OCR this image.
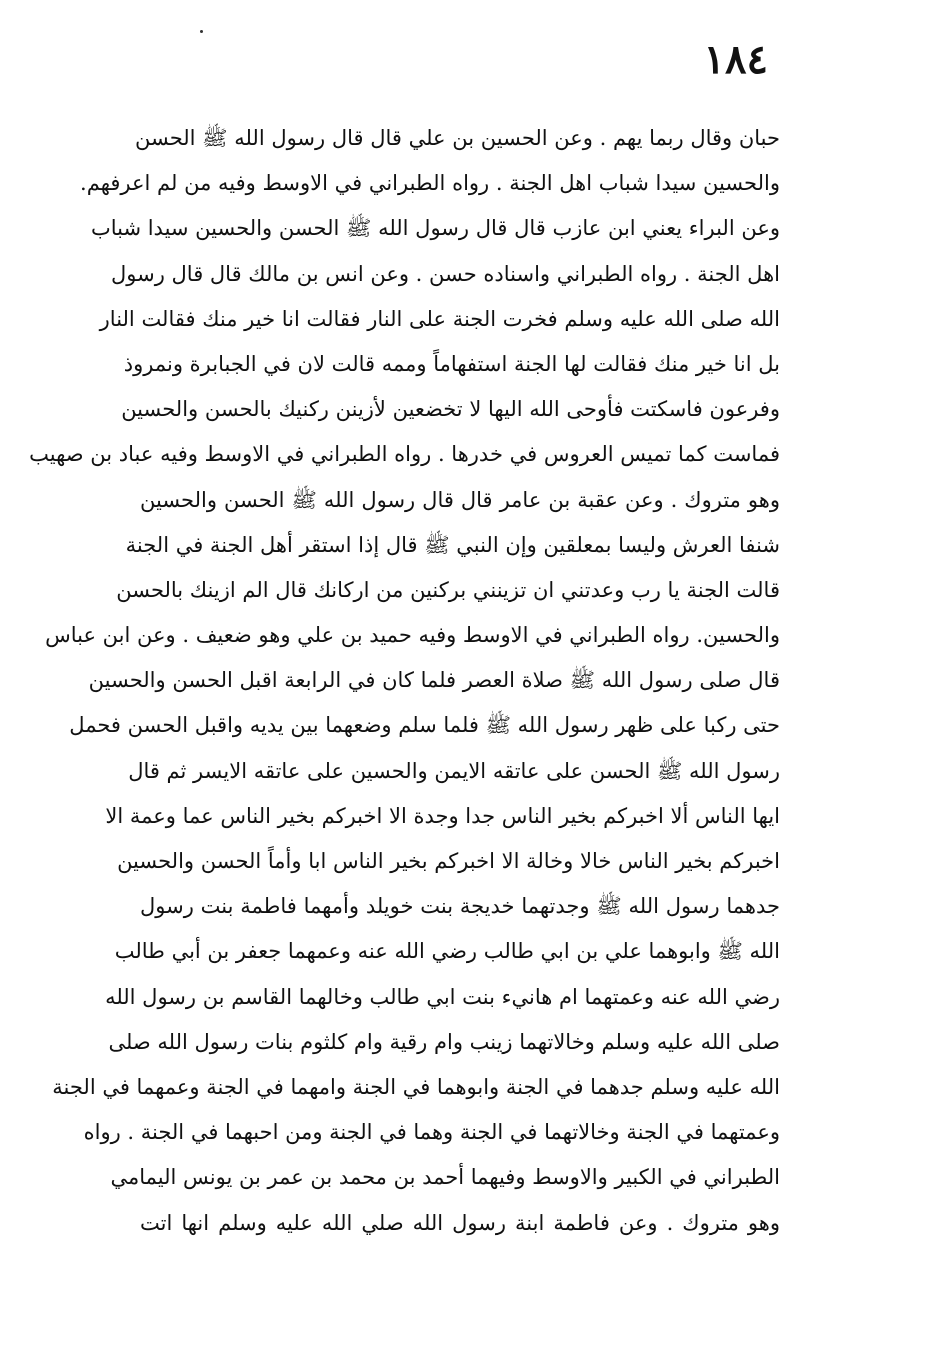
١٨٤
حبان وقال ربما يهم . وعن الحسين بن علي قال قال رسول الله ﷺ الحسن
والحسين سيدا شباب اهل الجنة . رواه الطبراني في الاوسط وفيه من لم اعرفهم.
وعن البراء يعني ابن عازب قال قال رسول الله ﷺ الحسن والحسين سيدا شباب
اهل الجنة . رواه الطبراني واسناده حسن . وعن انس بن مالك قال قال رسول
الله صلى الله عليه وسلم فخرت الجنة على النار فقالت انا خير منك فقالت النار
بل انا خير منك فقالت لها الجنة استفهاماً وممه قالت لان في الجبابرة ونمروذ
وفرعون فاسكتت فأوحى الله اليها لا تخضعين لأزينن ركنيك بالحسن والحسين
فماست كما تميس العروس في خدرها . رواه الطبراني في الاوسط وفيه عباد بن صهيب
وهو متروك . وعن عقبة بن عامر قال قال رسول الله ﷺ الحسن والحسين
شنفا العرش وليسا بمعلقين وإن النبي ﷺ قال إذا استقر أهل الجنة في الجنة
قالت الجنة يا رب وعدتني ان تزينني بركنين من اركانك قال الم ازينك بالحسن
والحسين. رواه الطبراني في الاوسط وفيه حميد بن علي وهو ضعيف . وعن ابن عباس
قال صلى رسول الله ﷺ صلاة العصر فلما كان في الرابعة اقبل الحسن والحسين
حتى ركبا على ظهر رسول الله ﷺ فلما سلم وضعهما بين يديه واقبل الحسن فحمل
رسول الله ﷺ الحسن على عاتقه الايمن والحسين على عاتقه الايسر ثم قال
ايها الناس ألا اخبركم بخير الناس جدا وجدة الا اخبركم بخير الناس عما وعمة الا
اخبركم بخير الناس خالا وخالة الا اخبركم بخير الناس ابا وأماً الحسن والحسين
جدهما رسول الله ﷺ وجدتهما خديجة بنت خويلد وأمهما فاطمة بنت رسول
الله ﷺ وابوهما علي بن ابي طالب رضي الله عنه وعمهما جعفر بن أبي طالب
رضي الله عنه وعمتهما ام هانيء بنت ابي طالب وخالهما القاسم بن رسول الله
صلى الله عليه وسلم وخالاتهما زينب وام رقية وام كلثوم بنات رسول الله صلى
الله عليه وسلم جدهما في الجنة وابوهما في الجنة وامهما في الجنة وعمهما في الجنة
وعمتهما في الجنة وخالاتهما في الجنة وهما في الجنة ومن احبهما في الجنة . رواه
الطبراني في الكبير والاوسط وفيهما أحمد بن محمد بن عمر بن يونس اليمامي
وهو متروك . وعن فاطمة ابنة رسول الله صلي الله عليه وسلم انها اتت
